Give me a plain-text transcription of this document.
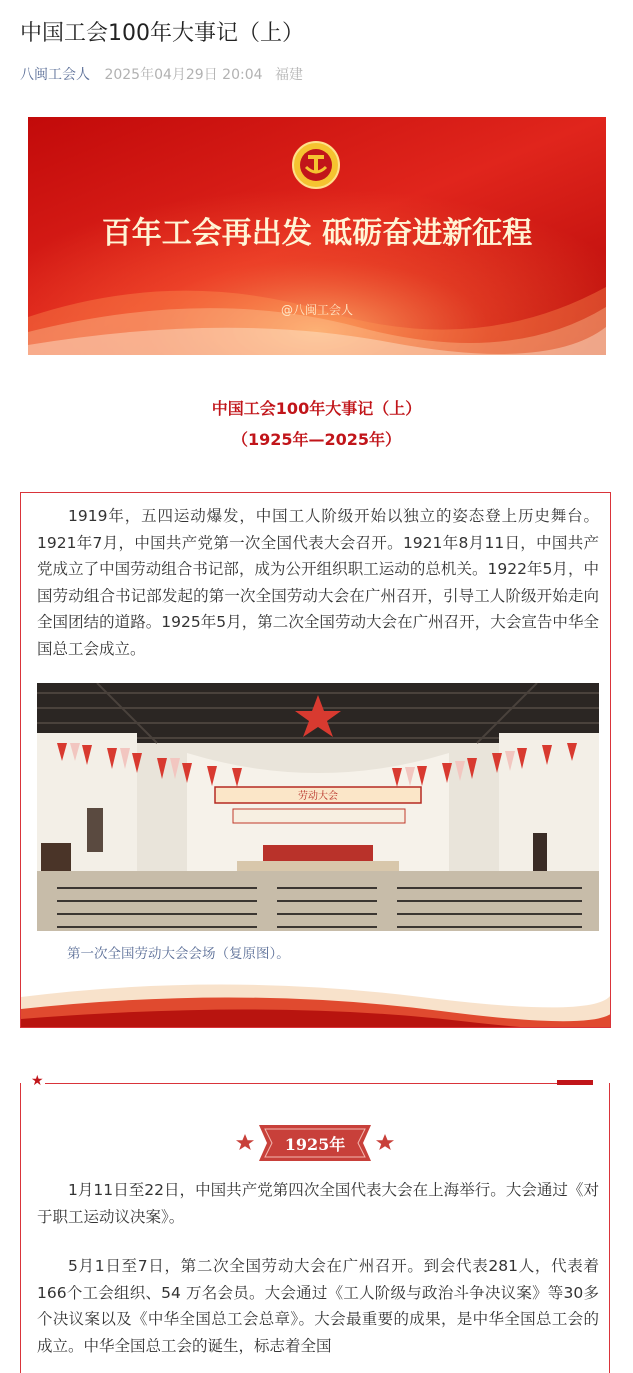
中国工会100年大事记（上）
八闽工会人 2025年04月29日 20:04 福建
百年工会再出发 砥砺奋进新征程
@八闽工会人
中国工会100年大事记（上）
（1925年—2025年）

1919年，五四运动爆发，中国工人阶级开始以独立的姿态登上历史舞台。1921年7月，中国共产党第一次全国代表大会召开。1921年8月11日，中国共产党成立了中国劳动组合书记部，成为公开组织职工运动的总机关。1922年5月，中国劳动组合书记部发起的第一次全国劳动大会在广州召开，引导工人阶级开始走向全国团结的道路。1925年5月，第二次全国劳动大会在广州召开，大会宣告中华全国总工会成立。

劳动大会
第一次全国劳动大会会场（复原图）。
★
1925年

1月11日至22日，中国共产党第四次全国代表大会在上海举行。大会通过《对于职工运动议决案》。

5月1日至7日，第二次全国劳动大会在广州召开。到会代表281人，代表着166个工会组织、54 万名会员。大会通过《工人阶级与政治斗争决议案》等30多个决议案以及《中华全国总工会总章》。大会最重要的成果，是中华全国总工会的成立。中华全国总工会的诞生，标志着全国
